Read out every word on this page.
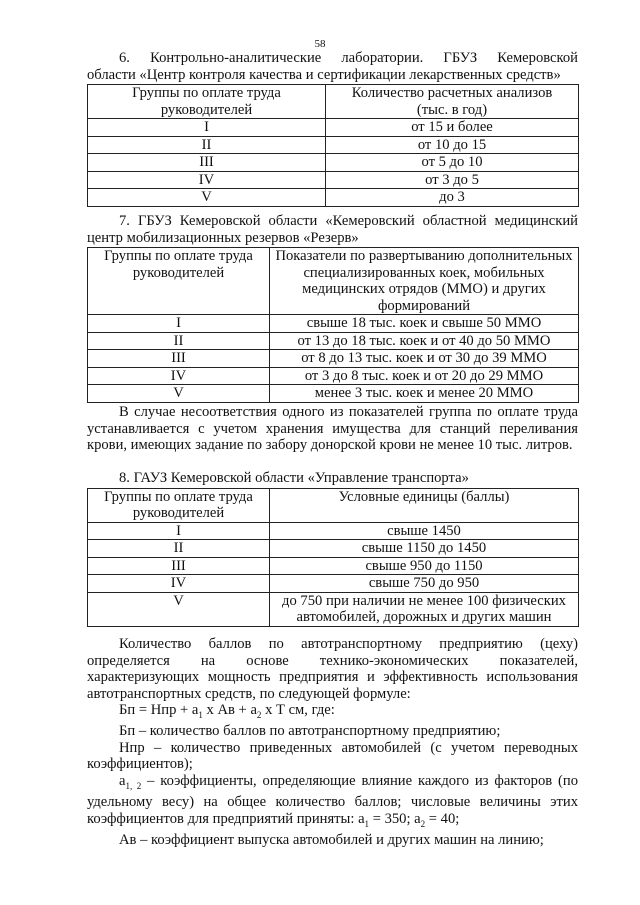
58

6. Контрольно-аналитические лаборатории. ГБУЗ Кемеровской

области «Центр контроля качества и сертификации лекарственных средств»

Группы по оплате труда
руководителей	Количество расчетных анализов
(тыс. в год)
I	от 15 и более
II	от 10 до 15
III	от 5 до 10
IV	от 3 до 5
V	до 3

7. ГБУЗ Кемеровской области «Кемеровский областной медицинский

центр мобилизационных резервов «Резерв»

Группы по оплате труда
руководителей	Показатели по развертыванию дополнительных
специализированных коек, мобильных
медицинских отрядов (ММО) и других
формирований
I	свыше 18 тыс. коек и свыше 50 ММО
II	от 13 до 18 тыс. коек и от 40 до 50 ММО
III	от 8 до 13 тыс. коек и от 30 до 39 ММО
IV	от 3 до 8 тыс. коек и от 20 до 29 ММО
V	менее 3 тыс. коек и менее 20 ММО

В случае несоответствия одного из показателей группа по оплате труда устанавливается с учетом хранения имущества для станций переливания крови, имеющих задание по забору донорской крови не менее 10 тыс. литров.

8. ГАУЗ Кемеровской области «Управление транспорта»

Группы по оплате труда
руководителей	Условные единицы (баллы)
I	свыше 1450
II	свыше 1150 до 1450
III	свыше 950 до 1150
IV	свыше 750 до 950
V	до 750 при наличии не менее 100 физических
автомобилей, дорожных и других машин

Количество баллов по автотранспортному предприятию (цеху) определяется на основе технико-экономических показателей, характеризующих мощность предприятия и эффективность использования автотранспортных средств, по следующей формуле:

Бп = Нпр + $a_1$ х Ав + $a_2$ х Т см, где:

Бп – количество баллов по автотранспортному предприятию;

Нпр – количество приведенных автомобилей (с учетом переводных коэффициентов);

$a_{1, 2}$ – коэффициенты, определяющие влияние каждого из факторов (по удельному весу) на общее количество баллов; числовые величины этих коэффициентов для предприятий приняты: $a_1 = 350$; $a_2 = 40$;

Ав – коэффициент выпуска автомобилей и других машин на линию;
